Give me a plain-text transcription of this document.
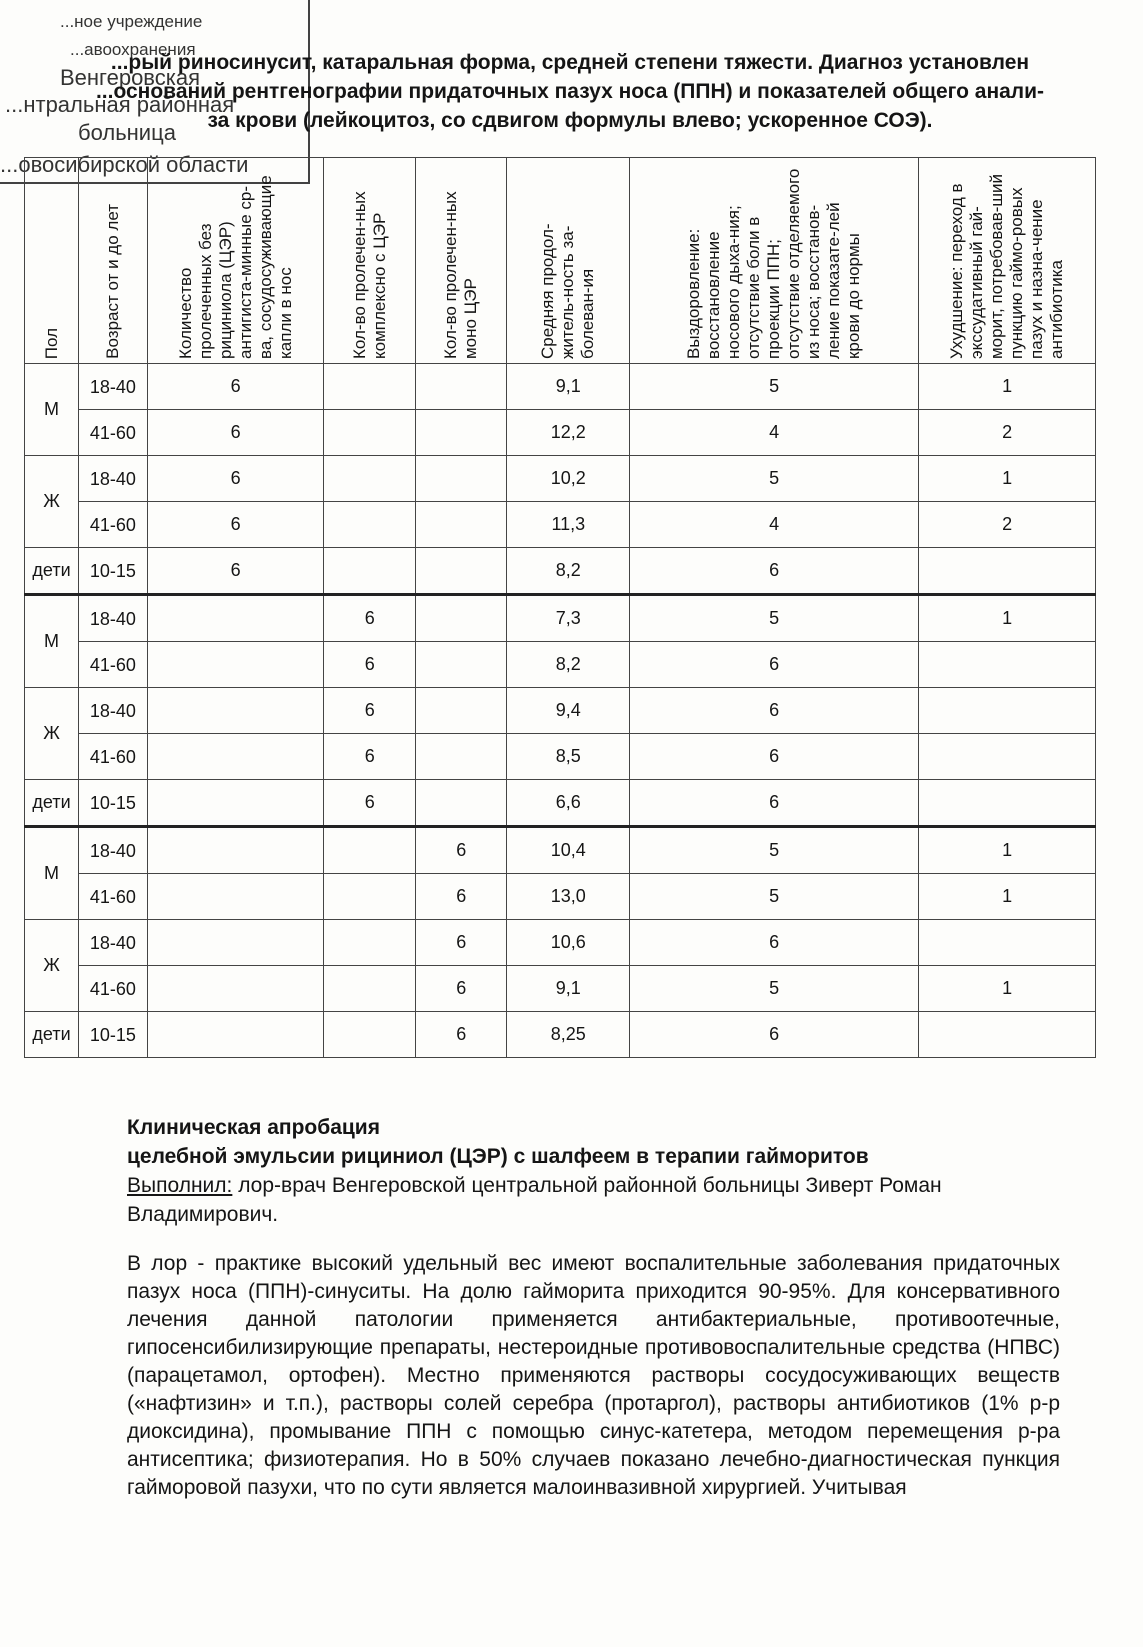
...ное учреждение
...авоохранения
Венгеровская
...нтральная районная
больница
...овосибирской области
...рый риносинусит, катаральная форма, средней степени тяжести. Диагноз установлен
...оснований рентгенографии придаточных пазух носа (ППН) и показателей общего анали-
за крови (лейкоцитоз, со сдвигом формулы влево; ускоренное СОЭ).
Пол	Возраст от и до лет	Количество пролеченных без рициниола (ЦЭР) антигиста-минные ср-ва, сосудосуживающие капли в нос	Кол-во пролечен-ных комплексно с ЦЭР	Кол-во пролечен-ных моно ЦЭР	Средняя продол-житель-ность за-болеван-ия	Выздоровление: восстановление носового дыха-ния; отсутствие боли в проекции ППН; отсутствие отделяемого из носа; восстанов-ление показате-лей крови до нормы	Ухудшение: переход в экссудативный гай-морит, потребовав-ший пункцию гаймо-ровых пазух и назна-чение антибиотика

М	18-40	6			9,1	5	1
	41-60	6			12,2	4	2
Ж	18-40	6			10,2	5	1
	41-60	6			11,3	4	2
дети	10-15	6			8,2	6	
М	18-40		6		7,3	5	1
	41-60		6		8,2	6	
Ж	18-40		6		9,4	6	
	41-60		6		8,5	6	
дети	10-15		6		6,6	6	
М	18-40			6	10,4	5	1
	41-60			6	13,0	5	1
Ж	18-40			6	10,6	6	
	41-60			6	9,1	5	1
дети	10-15			6	8,25	6	
Клиническая апробация
целебной эмульсии рициниол (ЦЭР) с шалфеем в терапии гайморитов
Выполнил: лор-врач Венгеровской центральной районной больницы Зиверт Роман Владимирович.
В лор - практике высокий удельный вес имеют воспалительные заболевания придаточных пазух носа (ППН)-синуситы. На долю гайморита приходится 90-95%. Для консервативного лечения данной патологии применяется антибактериальные, противоотечные, гипосенсибилизирующие препараты, нестероидные противовоспалительные средства (НПВС) (парацетамол, ортофен). Местно применяются растворы сосудосуживающих веществ («нафтизин» и т.п.), растворы солей серебра (протаргол), растворы антибиотиков (1% р-р диоксидина), промывание ППН с помощью синус-катетера, методом перемещения р-ра антисептика; физиотерапия. Но в 50% случаев показано лечебно-диагностическая пункция гайморовой пазухи, что по сути является малоинвазивной хирургией. Учитывая
